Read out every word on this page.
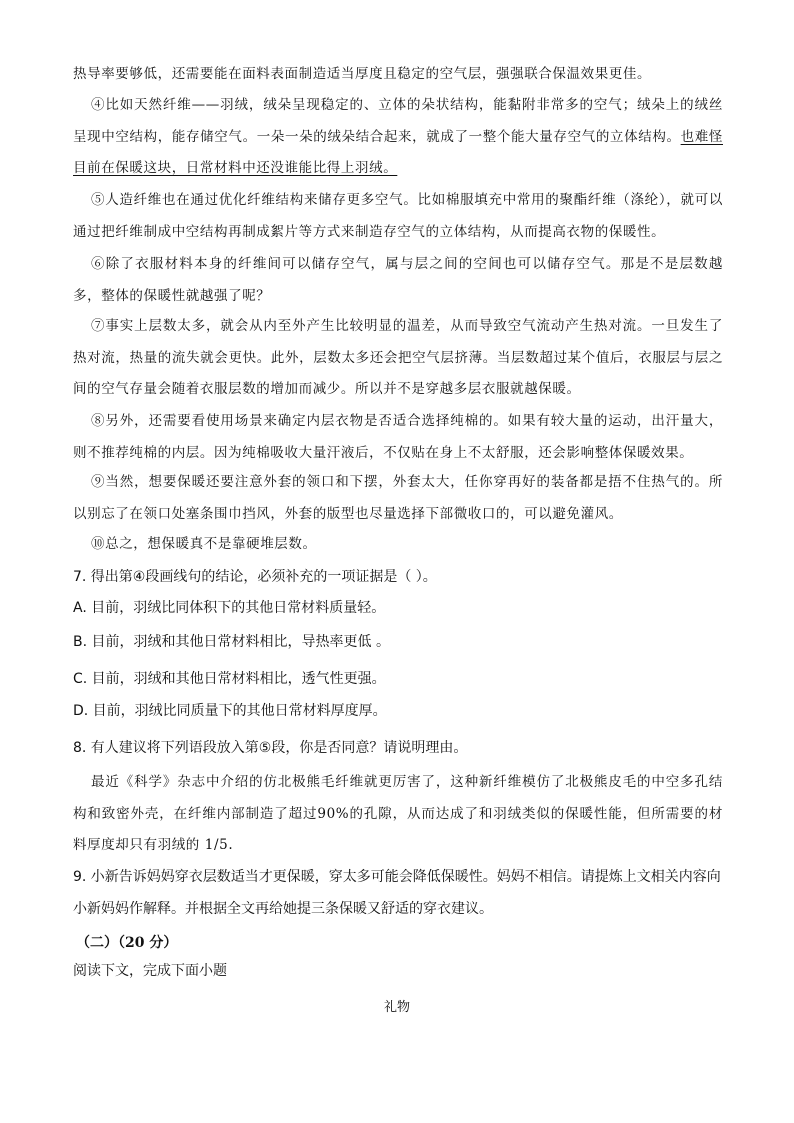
热导率要够低，还需要能在面料表面制造适当厚度且稳定的空气层，强强联合保温效果更佳。

④比如天然纤维——羽绒，绒朵呈现稳定的、立体的朵状结构，能黏附非常多的空气；绒朵上的绒丝呈现中空结构，能存储空气。一朵一朵的绒朵结合起来，就成了一整个能大量存空气的立体结构。也难怪目前在保暖这块，日常材料中还没谁能比得上羽绒。

⑤人造纤维也在通过优化纤维结构来储存更多空气。比如棉服填充中常用的聚酯纤维（涤纶），就可以通过把纤维制成中空结构再制成絮片等方式来制造存空气的立体结构，从而提高衣物的保暖性。

⑥除了衣服材料本身的纤维间可以储存空气，属与层之间的空间也可以储存空气。那是不是层数越多，整体的保暖性就越强了呢？

⑦事实上层数太多，就会从内至外产生比较明显的温差，从而导致空气流动产生热对流。一旦发生了热对流，热量的流失就会更快。此外，层数太多还会把空气层挤薄。当层数超过某个值后，衣服层与层之间的空气存量会随着衣服层数的增加而减少。所以并不是穿越多层衣服就越保暖。

⑧另外，还需要看使用场景来确定内层衣物是否适合选择纯棉的。如果有较大量的运动，出汗量大，则不推荐纯棉的内层。因为纯棉吸收大量汗液后，不仅贴在身上不太舒服，还会影响整体保暖效果。

⑨当然，想要保暖还要注意外套的领口和下摆，外套太大，任你穿再好的装备都是捂不住热气的。所以别忘了在领口处塞条围巾挡风，外套的版型也尽量选择下部微收口的，可以避免灌风。

⑩总之，想保暖真不是靠硬堆层数。

7. 得出第④段画线句的结论，必须补充的一项证据是（ ）。

A. 目前，羽绒比同体积下的其他日常材料质量轻。

B. 目前，羽绒和其他日常材料相比，导热率更低 。

C. 目前，羽绒和其他日常材料相比，透气性更强。

D. 目前，羽绒比同质量下的其他日常材料厚度厚。

8. 有人建议将下列语段放入第⑤段，你是否同意？请说明理由。

最近《科学》杂志中介绍的仿北极熊毛纤维就更厉害了，这种新纤维模仿了北极熊皮毛的中空多孔结构和致密外壳，在纤维内部制造了超过90%的孔隙，从而达成了和羽绒类似的保暖性能，但所需要的材料厚度却只有羽绒的 1/5.

9. 小新告诉妈妈穿衣层数适当才更保暖，穿太多可能会降低保暖性。妈妈不相信。请提炼上文相关内容向小新妈妈作解释。并根据全文再给她提三条保暖又舒适的穿衣建议。

（二）（20 分）

阅读下文，完成下面小题

礼物
